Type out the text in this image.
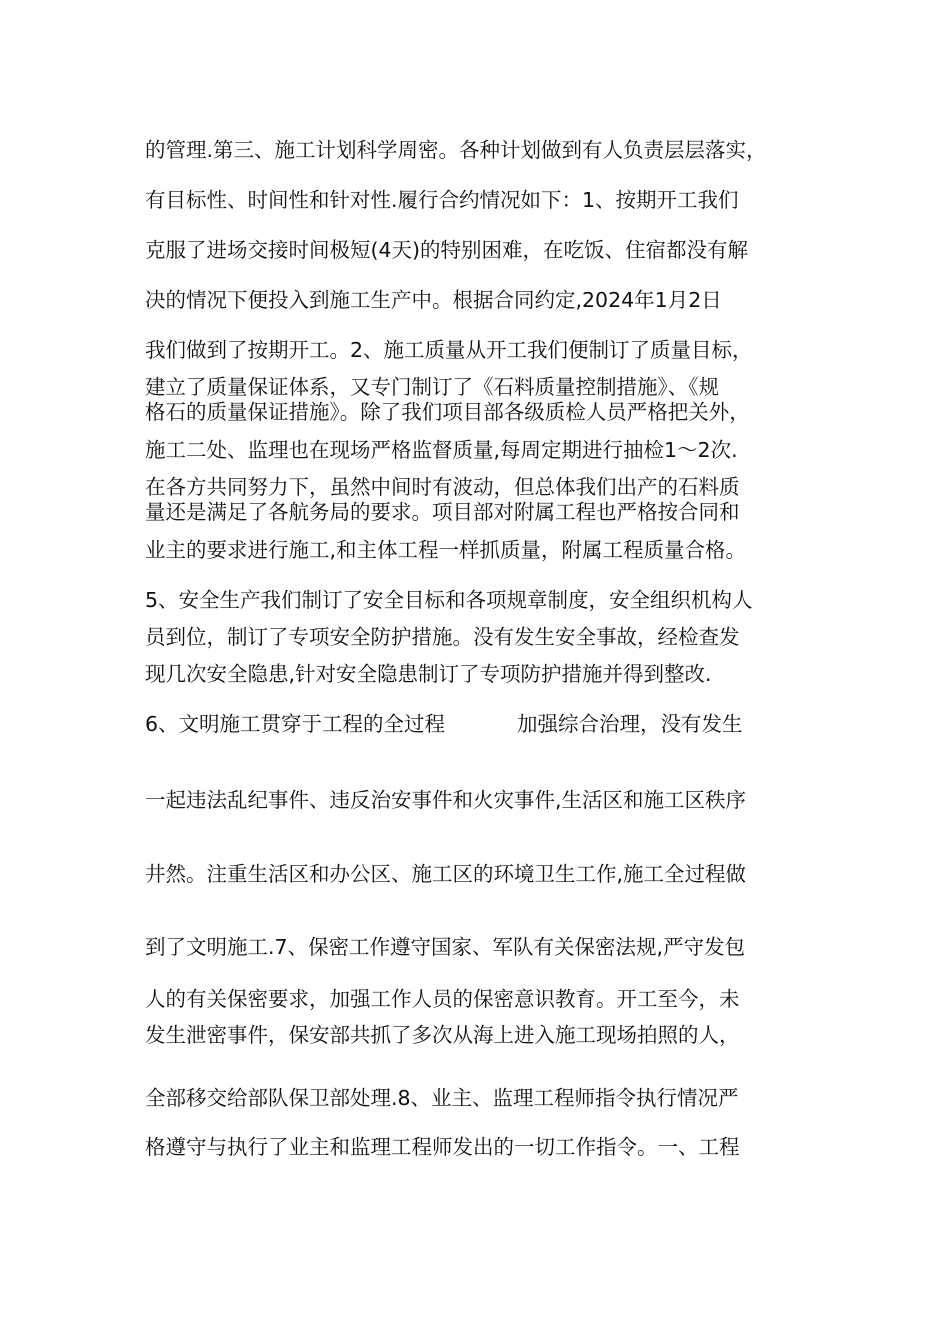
的管理.第三、施工计划科学周密。各种计划做到有人负责层层落实，

有目标性、时间性和针对性.履行合约情况如下：1、按期开工我们

克服了进场交接时间极短(4天)的特别困难，在吃饭、住宿都没有解

决的情况下便投入到施工生产中。根据合同约定,2024年1月2日

我们做到了按期开工。2、施工质量从开工我们便制订了质量目标，

建立了质量保证体系，又专门制订了《石料质量控制措施》、《规

格石的质量保证措施》。除了我们项目部各级质检人员严格把关外，

施工二处、监理也在现场严格监督质量,每周定期进行抽检1～2次.

在各方共同努力下，虽然中间时有波动，但总体我们出产的石料质

量还是满足了各航务局的要求。项目部对附属工程也严格按合同和

业主的要求进行施工,和主体工程一样抓质量，附属工程质量合格。

5、安全生产我们制订了安全目标和各项规章制度，安全组织机构人

员到位，制订了专项安全防护措施。没有发生安全事故，经检查发

现几次安全隐患,针对安全隐患制订了专项防护措施并得到整改.

6、文明施工贯穿于工程的全过程	加强综合治理，没有发生

一起违法乱纪事件、违反治安事件和火灾事件,生活区和施工区秩序

井然。注重生活区和办公区、施工区的环境卫生工作,施工全过程做

到了文明施工.7、保密工作遵守国家、军队有关保密法规,严守发包

人的有关保密要求，加强工作人员的保密意识教育。开工至今，未

发生泄密事件，保安部共抓了多次从海上进入施工现场拍照的人，

全部移交给部队保卫部处理.8、业主、监理工程师指令执行情况严

格遵守与执行了业主和监理工程师发出的一切工作指令。一、工程
